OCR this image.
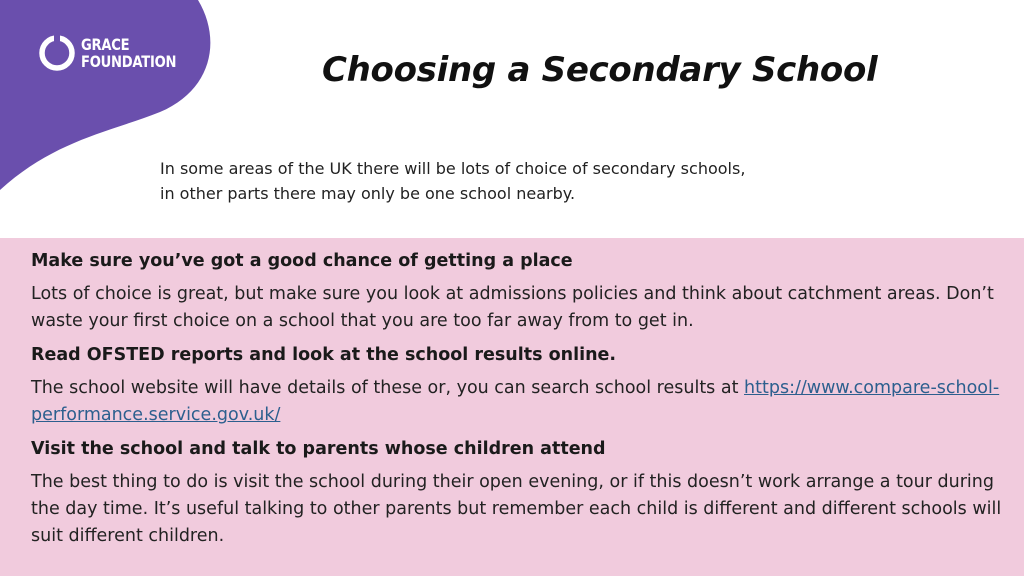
GRACE
FOUNDATION	Choosing a Secondary School

In some areas of the UK there will be lots of choice of secondary schools, in other parts there may only be one school nearby.

Make sure you’ve got a good chance of getting a place

Lots of choice is great, but make sure you look at admissions policies and think about catchment areas. Don’t waste your first choice on a school that you are too far away from to get in.

Read OFSTED reports and look at the school results online.

The school website will have details of these or, you can search school results at https://www.compare-school-performance.service.gov.uk/

Visit the school and talk to parents whose children attend

The best thing to do is visit the school during their open evening, or if this doesn’t work arrange a tour during the day time. It’s useful talking to other parents but remember each child is different and different schools will suit different children.
